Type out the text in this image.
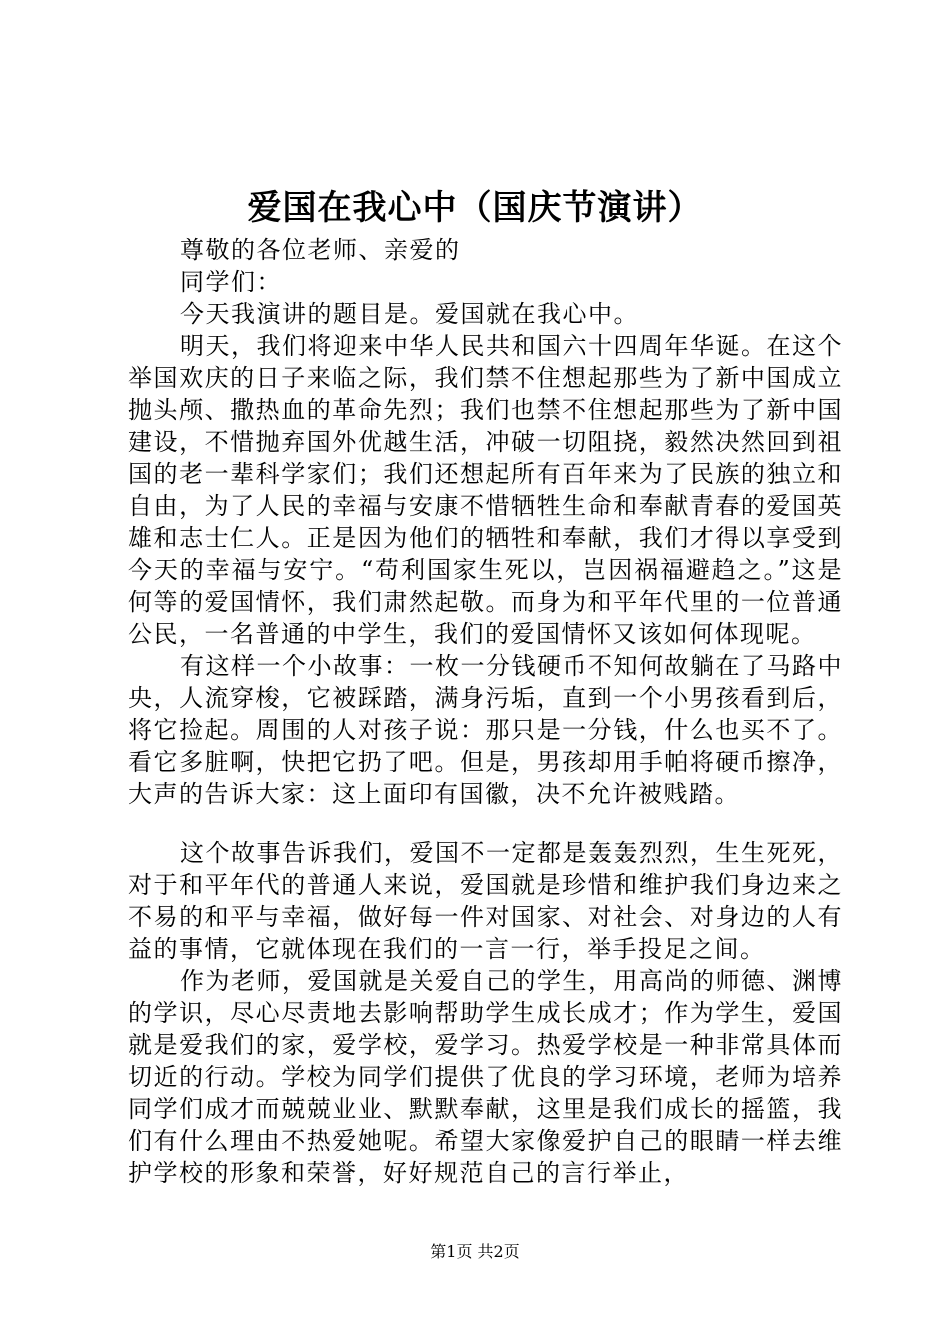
爱国在我心中（国庆节演讲）

尊敬的各位老师、亲爱的

同学们：

今天我演讲的题目是。爱国就在我心中。

明天，我们将迎来中华人民共和国六十四周年华诞。在这个举国欢庆的日子来临之际，我们禁不住想起那些为了新中国成立抛头颅、撒热血的革命先烈；我们也禁不住想起那些为了新中国建设，不惜抛弃国外优越生活，冲破一切阻挠，毅然决然回到祖国的老一辈科学家们；我们还想起所有百年来为了民族的独立和自由，为了人民的幸福与安康不惜牺牲生命和奉献青春的爱国英雄和志士仁人。正是因为他们的牺牲和奉献，我们才得以享受到今天的幸福与安宁。“苟利国家生死以，岂因祸福避趋之。”这是何等的爱国情怀，我们肃然起敬。而身为和平年代里的一位普通公民，一名普通的中学生，我们的爱国情怀又该如何体现呢。

有这样一个小故事：一枚一分钱硬币不知何故躺在了马路中央，人流穿梭，它被踩踏，满身污垢，直到一个小男孩看到后，将它捡起。周围的人对孩子说：那只是一分钱，什么也买不了。看它多脏啊，快把它扔了吧。但是，男孩却用手帕将硬币擦净，大声的告诉大家：这上面印有国徽，决不允许被贱踏。

这个故事告诉我们，爱国不一定都是轰轰烈烈，生生死死，对于和平年代的普通人来说，爱国就是珍惜和维护我们身边来之不易的和平与幸福，做好每一件对国家、对社会、对身边的人有益的事情，它就体现在我们的一言一行，举手投足之间。

作为老师，爱国就是关爱自己的学生，用高尚的师德、渊博的学识，尽心尽责地去影响帮助学生成长成才；作为学生，爱国就是爱我们的家，爱学校，爱学习。热爱学校是一种非常具体而切近的行动。学校为同学们提供了优良的学习环境，老师为培养同学们成才而兢兢业业、默默奉献，这里是我们成长的摇篮，我们有什么理由不热爱她呢。希望大家像爱护自己的眼睛一样去维护学校的形象和荣誉，好好规范自己的言行举止，

第1页 共2页
